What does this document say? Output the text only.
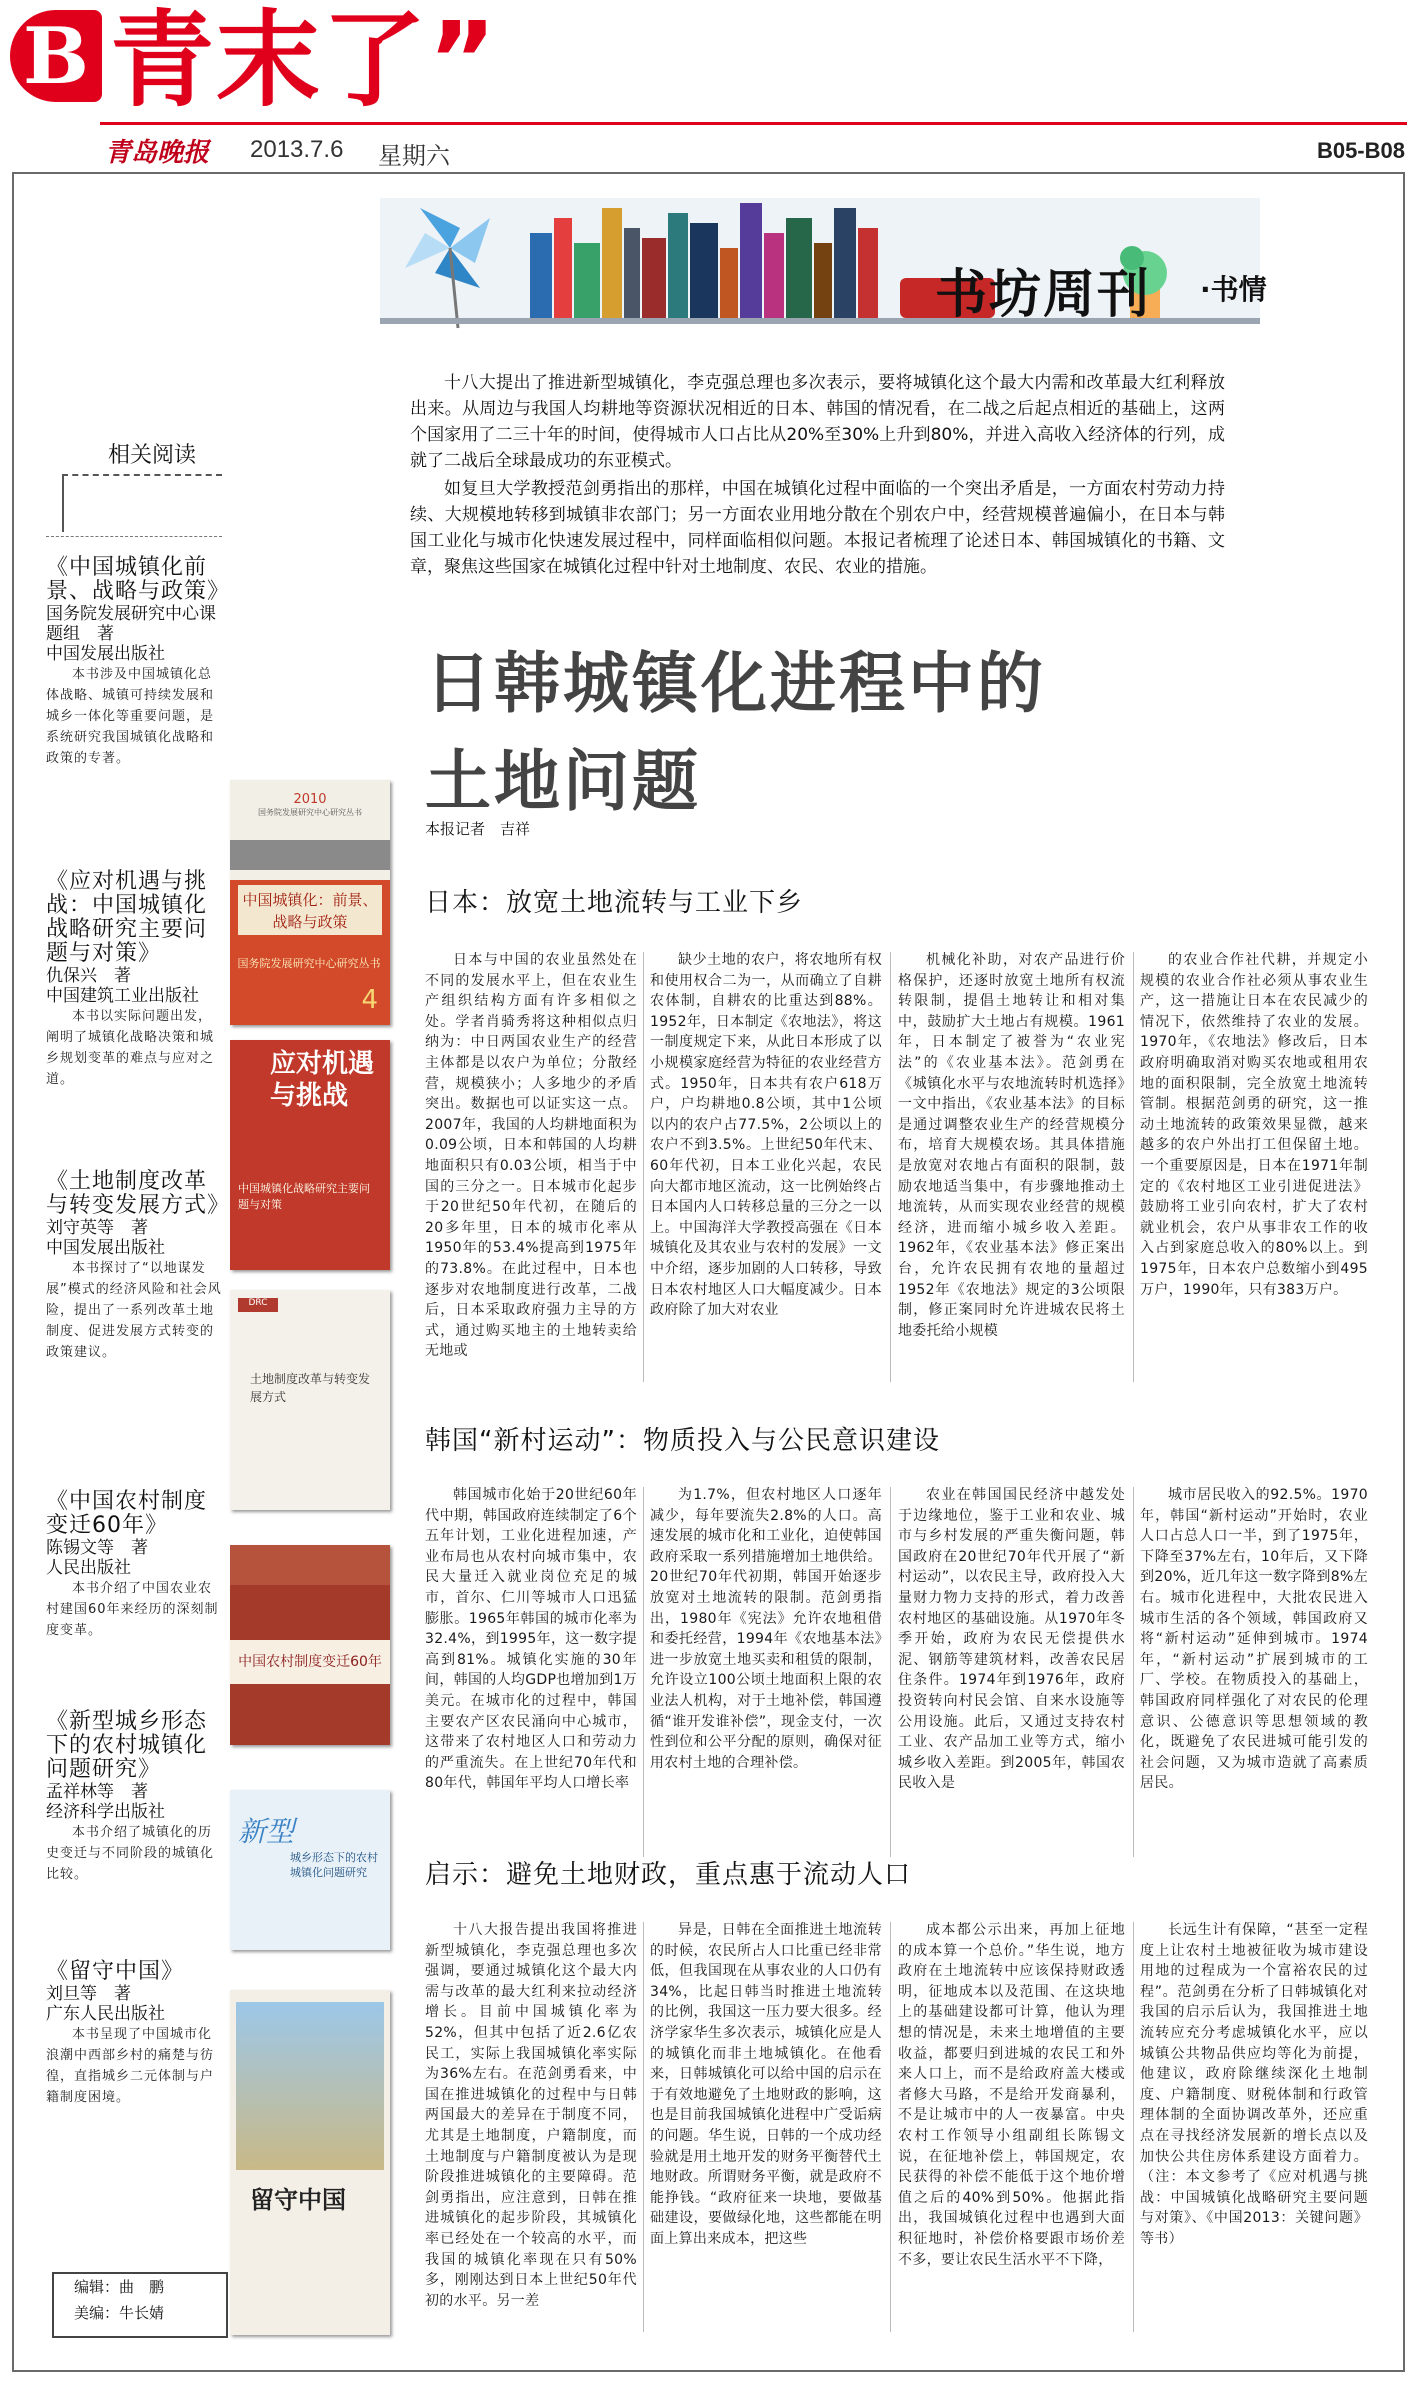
B 青末了”
青岛晚报 2013.7.6 星期六	B05-B08
书坊周刊 ·书情
相关阅读
《中国城镇化前景、战略与政策》
国务院发展研究中心课题组　著
中国发展出版社
本书涉及中国城镇化总体战略、城镇可持续发展和城乡一体化等重要问题，是系统研究我国城镇化战略和政策的专著。
《应对机遇与挑战：中国城镇化战略研究主要问题与对策》
仇保兴　著
中国建筑工业出版社
本书以实际问题出发，阐明了城镇化战略决策和城乡规划变革的难点与应对之道。
《土地制度改革与转变发展方式》
刘守英等　著
中国发展出版社
本书探讨了“以地谋发展”模式的经济风险和社会风险，提出了一系列改革土地制度、促进发展方式转变的政策建议。
《中国农村制度变迁60年》
陈锡文等　著
人民出版社
本书介绍了中国农业农村建国60年来经历的深刻制度变革。
《新型城乡形态下的农村城镇化问题研究》
孟祥林等　著
经济科学出版社
本书介绍了城镇化的历史变迁与不同阶段的城镇化比较。
《留守中国》
刘旦等　著
广东人民出版社
本书呈现了中国城市化浪潮中西部乡村的痛楚与彷徨，直指城乡二元体制与户籍制度困境。
2010
国务院发展研究中心研究丛书
中国城镇化：前景、战略与政策
国务院发展研究中心研究丛书
4
应对机遇与挑战
中国城镇化战略研究主要问题与对策
DRC
土地制度改革与转变发展方式
中国农村制度变迁60年
新型
城乡形态下的农村城镇化问题研究
留守中国
编辑：曲　鹏
美编：牛长婧
十八大提出了推进新型城镇化，李克强总理也多次表示，要将城镇化这个最大内需和改革最大红利释放出来。从周边与我国人均耕地等资源状况相近的日本、韩国的情况看，在二战之后起点相近的基础上，这两个国家用了二三十年的时间，使得城市人口占比从20%至30%上升到80%，并进入高收入经济体的行列，成就了二战后全球最成功的东亚模式。
如复旦大学教授范剑勇指出的那样，中国在城镇化过程中面临的一个突出矛盾是，一方面农村劳动力持续、大规模地转移到城镇非农部门；另一方面农业用地分散在个别农户中，经营规模普遍偏小，在日本与韩国工业化与城市化快速发展过程中，同样面临相似问题。本报记者梳理了论述日本、韩国城镇化的书籍、文章，聚焦这些国家在城镇化过程中针对土地制度、农民、农业的措施。
日韩城镇化进程中的
土地问题
本报记者　吉祥
日本：放宽土地流转与工业下乡
日本与中国的农业虽然处在不同的发展水平上，但在农业生产组织结构方面有许多相似之处。学者肖骑秀将这种相似点归纳为：中日两国农业生产的经营主体都是以农户为单位；分散经营，规模狭小；人多地少的矛盾突出。数据也可以证实这一点。2007年，我国的人均耕地面积为0.09公顷，日本和韩国的人均耕地面积只有0.03公顷，相当于中国的三分之一。日本城市化起步于20世纪50年代初，在随后的20多年里，日本的城市化率从1950年的53.4%提高到1975年的73.8%。在此过程中，日本也逐步对农地制度进行改革，二战后，日本采取政府强力主导的方式，通过购买地主的土地转卖给无地或
缺少土地的农户，将农地所有权和使用权合二为一，从而确立了自耕农体制，自耕农的比重达到88%。1952年，日本制定《农地法》，将这一制度规定下来，从此日本形成了以小规模家庭经营为特征的农业经营方式。1950年，日本共有农户618万户，户均耕地0.8公顷，其中1公顷以内的农户占77.5%，2公顷以上的农户不到3.5%。上世纪50年代末、60年代初，日本工业化兴起，农民向大都市地区流动，这一比例始终占日本国内人口转移总量的三分之一以上。中国海洋大学教授高强在《日本城镇化及其农业与农村的发展》一文中介绍，逐步加剧的人口转移，导致日本农村地区人口大幅度减少。日本政府除了加大对农业
机械化补助，对农产品进行价格保护，还逐时放宽土地所有权流转限制，提倡土地转让和相对集中，鼓励扩大土地占有规模。1961年，日本制定了被誉为“农业宪法”的《农业基本法》。范剑勇在《城镇化水平与农地流转时机选择》一文中指出，《农业基本法》的目标是通过调整农业生产的经营规模分布，培育大规模农场。其具体措施是放宽对农地占有面积的限制，鼓励农地适当集中，有步骤地推动土地流转，从而实现农业经营的规模经济，进而缩小城乡收入差距。1962年，《农业基本法》修正案出台，允许农民拥有农地的量超过1952年《农地法》规定的3公顷限制，修正案同时允许进城农民将土地委托给小规模
的农业合作社代耕，并规定小规模的农业合作社必须从事农业生产，这一措施让日本在农民减少的情况下，依然维持了农业的发展。1970年，《农地法》修改后，日本政府明确取消对购买农地或租用农地的面积限制，完全放宽土地流转管制。根据范剑勇的研究，这一推动土地流转的政策效果显微，越来越多的农户外出打工但保留土地。一个重要原因是，日本在1971年制定的《农村地区工业引进促进法》鼓励将工业引向农村，扩大了农村就业机会，农户从事非农工作的收入占到家庭总收入的80%以上。到1975年，日本农户总数缩小到495万户，1990年，只有383万户。
韩国“新村运动”：物质投入与公民意识建设
韩国城市化始于20世纪60年代中期，韩国政府连续制定了6个五年计划，工业化进程加速，产业布局也从农村向城市集中，农民大量迁入就业岗位充足的城市，首尔、仁川等城市人口迅猛膨胀。1965年韩国的城市化率为32.4%，到1995年，这一数字提高到81%。城镇化实施的30年间，韩国的人均GDP也增加到1万美元。在城市化的过程中，韩国主要农产区农民涌向中心城市，这带来了农村地区人口和劳动力的严重流失。在上世纪70年代和80年代，韩国年平均人口增长率
为1.7%，但农村地区人口逐年减少，每年要流失2.8%的人口。高速发展的城市化和工业化，迫使韩国政府采取一系列措施增加土地供给。20世纪70年代初期，韩国开始逐步放宽对土地流转的限制。范剑勇指出，1980年《宪法》允许农地租借和委托经营，1994年《农地基本法》进一步放宽土地买卖和租赁的限制，允许设立100公顷土地面积上限的农业法人机构，对于土地补偿，韩国遵循“谁开发谁补偿”，现金支付，一次性到位和公平分配的原则，确保对征用农村土地的合理补偿。
农业在韩国国民经济中越发处于边缘地位，鉴于工业和农业、城市与乡村发展的严重失衡问题，韩国政府在20世纪70年代开展了“新村运动”，以农民主导，政府投入大量财力物力支持的形式，着力改善农村地区的基础设施。从1970年冬季开始，政府为农民无偿提供水泥、钢筋等建筑材料，改善农民居住条件。1974年到1976年，政府投资转向村民会馆、自来水设施等公用设施。此后，又通过支持农村工业、农产品加工业等方式，缩小城乡收入差距。到2005年，韩国农民收入是
城市居民收入的92.5%。1970年，韩国“新村运动”开始时，农业人口占总人口一半，到了1975年，下降至37%左右，10年后，又下降到20%，近几年这一数字降到8%左右。城市化进程中，大批农民进入城市生活的各个领域，韩国政府又将“新村运动”延伸到城市。1974年，“新村运动”扩展到城市的工厂、学校。在物质投入的基础上，韩国政府同样强化了对农民的伦理意识、公德意识等思想领域的教化，既避免了农民进城可能引发的社会问题，又为城市造就了高素质居民。
启示：避免土地财政，重点惠于流动人口
十八大报告提出我国将推进新型城镇化，李克强总理也多次强调，要通过城镇化这个最大内需与改革的最大红利来拉动经济增长。目前中国城镇化率为52%，但其中包括了近2.6亿农民工，实际上我国城镇化率实际为36%左右。在范剑勇看来，中国在推进城镇化的过程中与日韩两国最大的差异在于制度不同，尤其是土地制度，户籍制度，而土地制度与户籍制度被认为是现阶段推进城镇化的主要障碍。范剑勇指出，应注意到，日韩在推进城镇化的起步阶段，其城镇化率已经处在一个较高的水平，而我国的城镇化率现在只有50%多，刚刚达到日本上世纪50年代初的水平。另一差
异是，日韩在全面推进土地流转的时候，农民所占人口比重已经非常低，但我国现在从事农业的人口仍有34%，比起日韩当时推进土地流转的比例，我国这一压力要大很多。经济学家华生多次表示，城镇化应是人的城镇化而非土地城镇化。在他看来，日韩城镇化可以给中国的启示在于有效地避免了土地财政的影响，这也是目前我国城镇化进程中广受诟病的问题。华生说，日韩的一个成功经验就是用土地开发的财务平衡替代土地财政。所谓财务平衡，就是政府不能挣钱。“政府征来一块地，要做基础建设，要做绿化地，这些都能在明面上算出来成本，把这些
成本都公示出来，再加上征地的成本算一个总价。”华生说，地方政府在土地流转中应该保持财政透明，征地成本以及范围、在这块地上的基础建设都可计算，他认为理想的情况是，未来土地增值的主要收益，都要归到进城的农民工和外来人口上，而不是给政府盖大楼或者修大马路，不是给开发商暴利，不是让城市中的人一夜暴富。中央农村工作领导小组副组长陈锡文说，在征地补偿上，韩国规定，农民获得的补偿不能低于这个地价增值之后的40%到50%。他据此指出，我国城镇化过程中也遇到大面积征地时，补偿价格要跟市场价差不多，要让农民生活水平不下降，
长远生计有保障，“甚至一定程度上让农村土地被征收为城市建设用地的过程成为一个富裕农民的过程”。范剑勇在分析了日韩城镇化对我国的启示后认为，我国推进土地流转应充分考虑城镇化水平，应以城镇公共物品供应均等化为前提，他建议，政府除继续深化土地制度、户籍制度、财税体制和行政管理体制的全面协调改革外，还应重点在寻找经济发展新的增长点以及加快公共住房体系建设方面着力。（注：本文参考了《应对机遇与挑战：中国城镇化战略研究主要问题与对策》、《中国2013：关键问题》等书）
